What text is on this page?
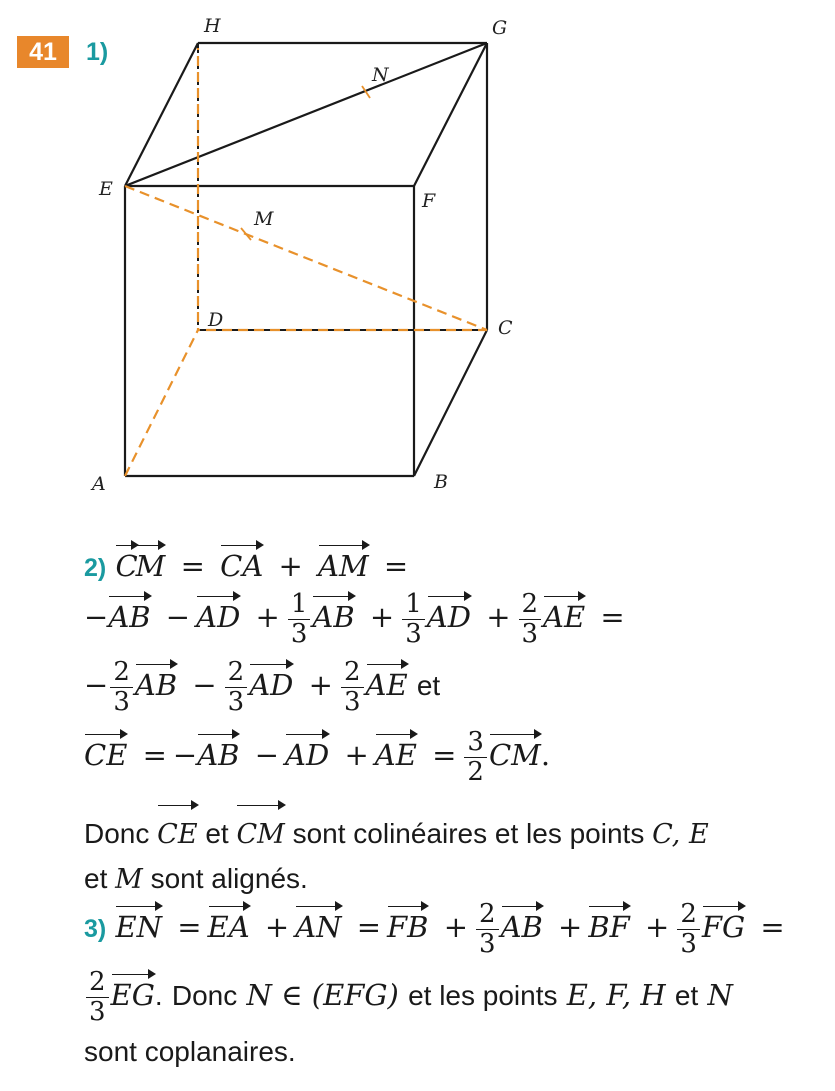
41	1)
H	G
N
E
F
M
D	C
A	B
2) CM = CA + AM =
−AB − AD + $\frac{1}{3}$ AB + $\frac{1}{3}$ AD + $\frac{2}{3}$ AE =
− $\frac{2}{3}$ AB − $\frac{2}{3}$ AD + $\frac{2}{3}$ AE et
CE = −AB − AD + AE = $\frac{3}{2}$ CM.
Donc CE et CM sont colinéaires et les points C, E
et M sont alignés.
3) EN = EA + AN = FB + $\frac{2}{3}$ AB + BF + $\frac{2}{3}$ FG =
$\frac{2}{3}$ EG. Donc N ∈ (EFG) et les points E, F, H et N
sont coplanaires.
